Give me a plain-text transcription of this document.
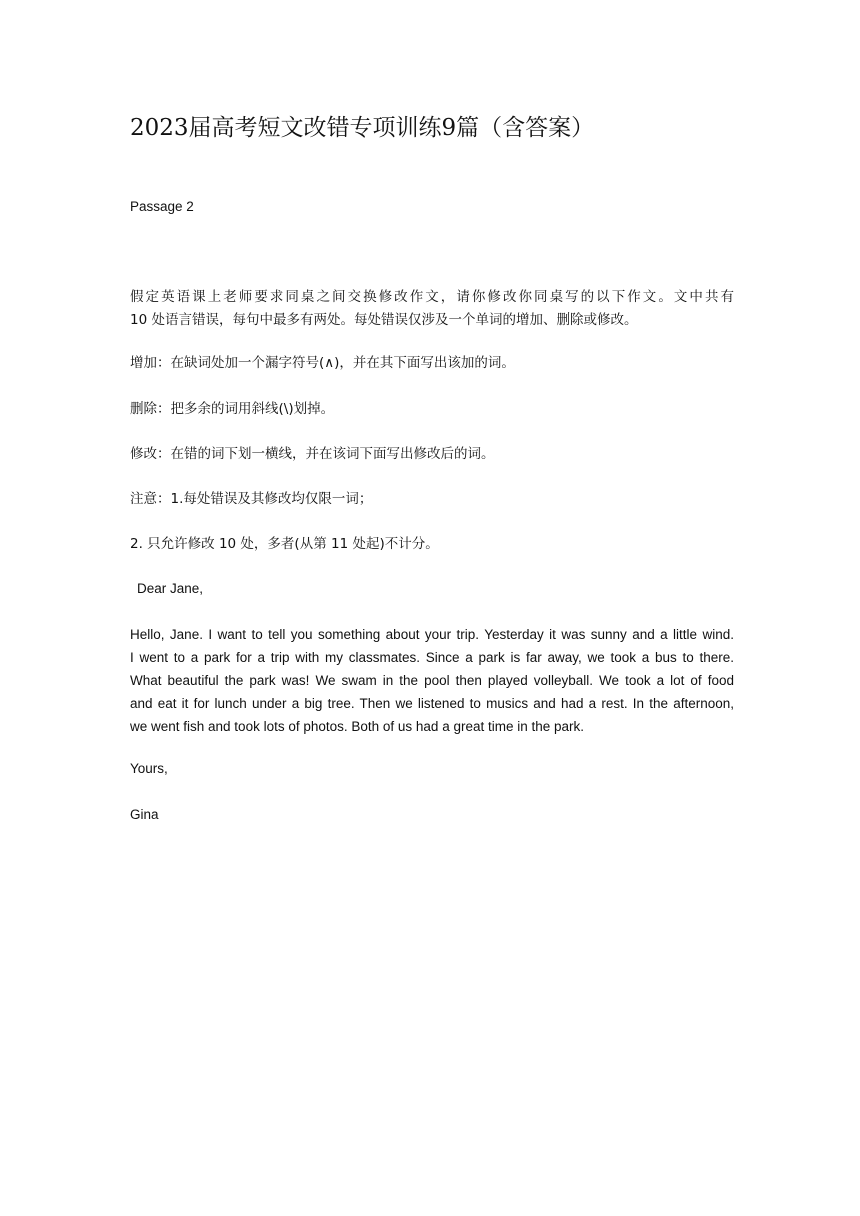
2023届高考短文改错专项训练9篇（含答案）
Passage 2
假定英语课上老师要求同桌之间交换修改作文，请你修改你同桌写的以下作文。文中共有
10 处语言错误，每句中最多有两处。每处错误仅涉及一个单词的增加、删除或修改。
增加：在缺词处加一个漏字符号(∧)，并在其下面写出该加的词。
删除：把多余的词用斜线(\)划掉。
修改：在错的词下划一横线，并在该词下面写出修改后的词。
注意：1.每处错误及其修改均仅限一词；
2. 只允许修改 10 处，多者(从第 11 处起)不计分。
Dear Jane,
Hello, Jane. I want to tell you something about your trip. Yesterday it was sunny and a little wind.
I went to a park for a trip with my classmates. Since a park is far away, we took a bus to there.
What beautiful the park was! We swam in the pool then played volleyball. We took a lot of food
and eat it for lunch under a big tree. Then we listened to musics and had a rest. In the afternoon,
we went fish and took lots of photos. Both of us had a great time in the park.
Yours,
Gina
